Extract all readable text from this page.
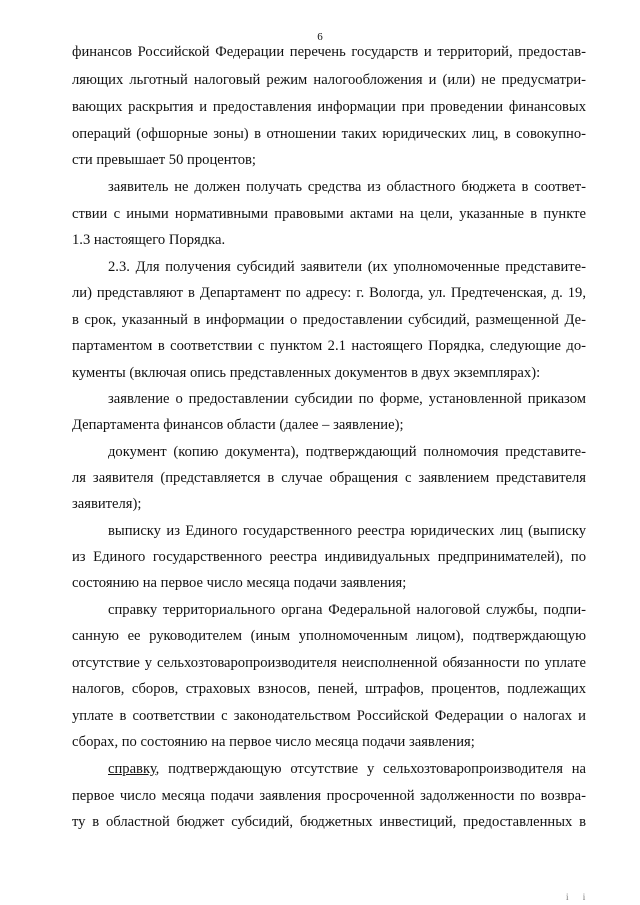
6
финансов Российской Федерации перечень государств и территорий, предостав-
ляющих льготный налоговый режим налогообложения и (или) не предусматри-
вающих раскрытия и предоставления информации при проведении финансовых
операций (офшорные зоны) в отношении таких юридических лиц, в совокупно-
сти превышает 50 процентов;
заявитель не должен получать средства из областного бюджета в соответ-
ствии с иными нормативными правовыми актами на цели, указанные в пункте
1.3 настоящего Порядка.
2.3. Для получения субсидий заявители (их уполномоченные представите-
ли) представляют в Департамент по адресу: г. Вологда, ул. Предтеченская, д. 19,
в срок, указанный в информации о предоставлении субсидий, размещенной Де-
партаментом в соответствии с пунктом 2.1 настоящего Порядка, следующие до-
кументы (включая опись представленных документов в двух экземплярах):
заявление о предоставлении субсидии по форме, установленной приказом
Департамента финансов области (далее – заявление);
документ (копию документа), подтверждающий полномочия представите-
ля заявителя (представляется в случае обращения с заявлением представителя
заявителя);
выписку из Единого государственного реестра юридических лиц (выписку
из Единого государственного реестра индивидуальных предпринимателей), по
состоянию на первое число месяца подачи заявления;
справку территориального органа Федеральной налоговой службы, подпи-
санную ее руководителем (иным уполномоченным лицом), подтверждающую
отсутствие у сельхозтоваропроизводителя неисполненной обязанности по уплате
налогов, сборов, страховых взносов, пеней, штрафов, процентов, подлежащих
уплате в соответствии с законодательством Российской Федерации о налогах и
сборах, по состоянию на первое число месяца подачи заявления;
справку, подтверждающую отсутствие у сельхозтоваропроизводителя на
первое число месяца подачи заявления просроченной задолженности по возвра-
ту в областной бюджет субсидий, бюджетных инвестиций, предоставленных в
i i
